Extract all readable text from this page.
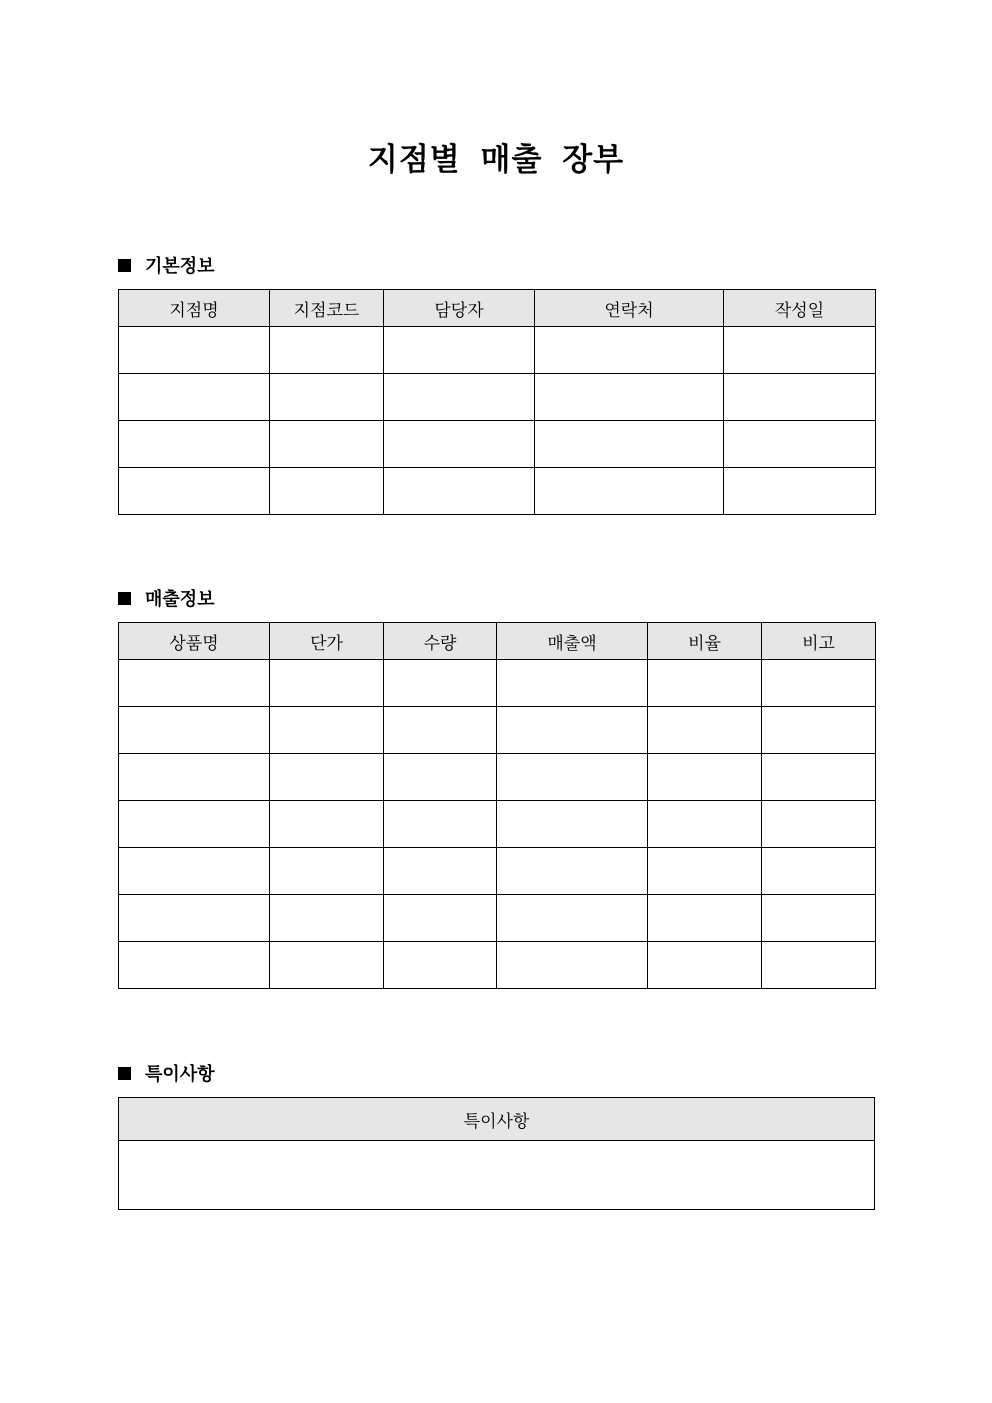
지점별 매출 장부
기본정보
지점명	지점코드	담당자	연락처	작성일

매출정보
상품명	단가	수량	매출액	비율	비고

특이사항
특이사항
